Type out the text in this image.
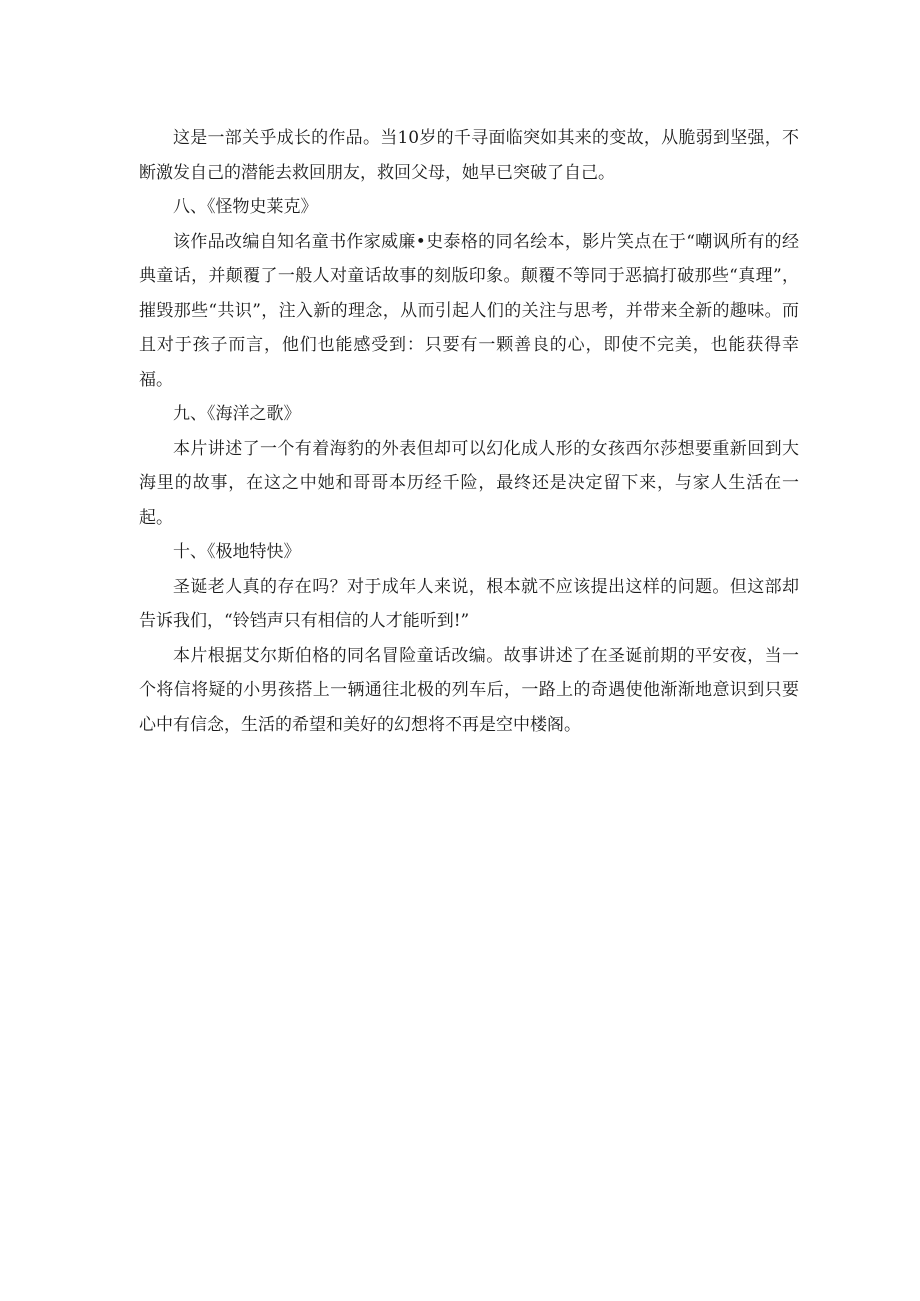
这是一部关乎成长的作品。当10岁的千寻面临突如其来的变故，从脆弱到坚强，不断激发自己的潜能去救回朋友，救回父母，她早已突破了自己。

八、《怪物史莱克》

该作品改编自知名童书作家威廉•史泰格的同名绘本，影片笑点在于“嘲讽所有的经典童话，并颠覆了一般人对童话故事的刻版印象。颠覆不等同于恶搞打破那些“真理”，摧毁那些“共识”，注入新的理念，从而引起人们的关注与思考，并带来全新的趣味。而且对于孩子而言，他们也能感受到：只要有一颗善良的心，即使不完美，也能获得幸福。

九、《海洋之歌》

本片讲述了一个有着海豹的外表但却可以幻化成人形的女孩西尔莎想要重新回到大海里的故事，在这之中她和哥哥本历经千险，最终还是决定留下来，与家人生活在一起。

十、《极地特快》

圣诞老人真的存在吗？对于成年人来说，根本就不应该提出这样的问题。但这部却告诉我们，“铃铛声只有相信的人才能听到!”

本片根据艾尔斯伯格的同名冒险童话改编。故事讲述了在圣诞前期的平安夜，当一个将信将疑的小男孩搭上一辆通往北极的列车后，一路上的奇遇使他渐渐地意识到只要心中有信念，生活的希望和美好的幻想将不再是空中楼阁。
